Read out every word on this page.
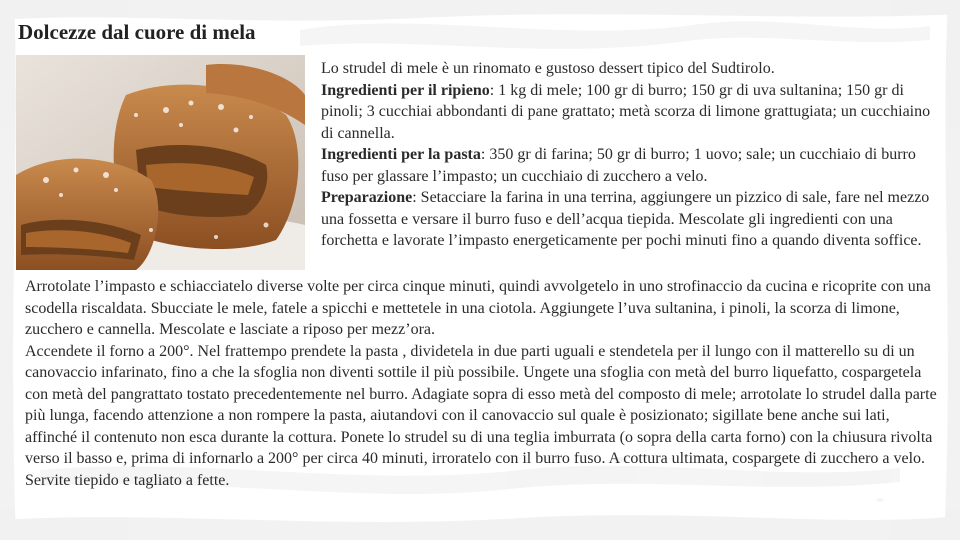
Dolcezze dal cuore di mela

Lo strudel di mele è un rinomato e gustoso dessert tipico del Sudtirolo.

Ingredienti per il ripieno: 1 kg di mele; 100 gr di burro; 150 gr di uva sultanina; 150 gr di pinoli; 3 cucchiai abbondanti di pane grattato; metà scorza di limone grattugiata; un cucchiaino di cannella.

Ingredienti per la pasta: 350 gr di farina; 50 gr di burro; 1 uovo; sale; un cucchiaio di burro fuso per glassare l’impasto; un cucchiaio di zucchero a velo.

Preparazione: Setacciare la farina in una terrina, aggiungere un pizzico di sale, fare nel mezzo una fossetta e versare il burro fuso e dell’acqua tiepida. Mescolate gli ingredienti con una forchetta e lavorate l’impasto energeticamente per pochi minuti fino a quando diventa soffice.

Arrotolate l’impasto e schiacciatelo diverse volte per circa cinque minuti, quindi avvolgetelo in uno strofinaccio da cucina e ricoprite con una scodella riscaldata. Sbucciate le mele, fatele a spicchi e mettetele in una ciotola. Aggiungete l’uva sultanina, i pinoli, la scorza di limone, zucchero e cannella. Mescolate e lasciate a riposo per mezz’ora.

Accendete il forno a 200°. Nel frattempo prendete la pasta , dividetela in due parti uguali e stendetela per il lungo con il matterello su di un canovaccio infarinato, fino a che la sfoglia non diventi sottile il più possibile. Ungete una sfoglia con metà del burro liquefatto, cospargetela con metà del pangrattato tostato precedentemente nel burro. Adagiate sopra di esso metà del composto di mele; arrotolate lo strudel dalla parte più lunga, facendo attenzione a non rompere la pasta, aiutandovi con il canovaccio sul quale è posizionato; sigillate bene anche sui lati, affinché il contenuto non esca durante la cottura. Ponete lo strudel su di una teglia imburrata (o sopra della carta forno) con la chiusura rivolta verso il basso e, prima di infornarlo a 200° per circa 40 minuti, irroratelo con il burro fuso. A cottura ultimata, cospargete di zucchero a velo. Servite tiepido e tagliato a fette.
